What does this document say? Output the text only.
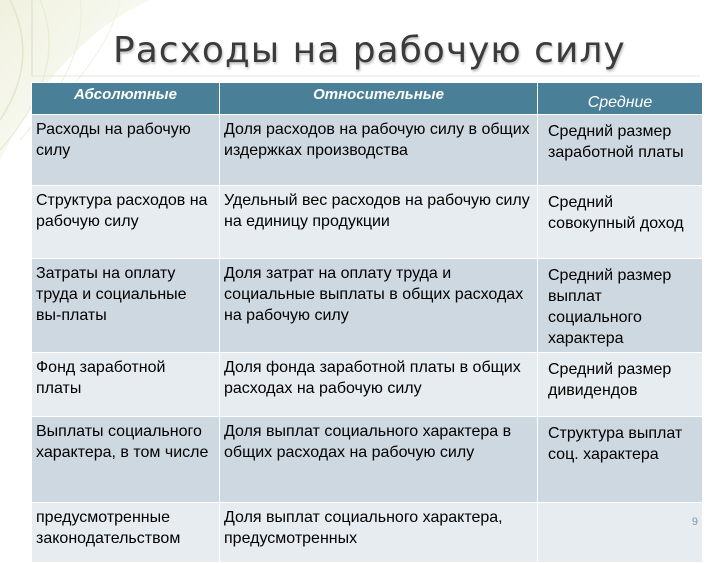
Расходы на рабочую силу
Абсолютные	Относительные	Средние
Расходы на рабочую силу	Доля расходов на рабочую силу в общих издержках производства	Средний размер заработной платы
Структура расходов на рабочую силу	Удельный вес расходов на рабочую силу на единицу продукции	Средний совокупный доход
Затраты на оплату труда и социальные вы-платы	Доля затрат на оплату труда и социальные выплаты в общих расходах на рабочую силу	Средний размер выплат социального характера
Фонд заработной платы	Доля фонда заработной платы в общих расходах на рабочую силу	Средний размер дивидендов
Выплаты социального характера, в том числе	Доля выплат социального характера в общих расходах на рабочую силу	Структура выплат соц. характера
предусмотренные законодательством	Доля выплат социального характера, предусмотренных	
9
